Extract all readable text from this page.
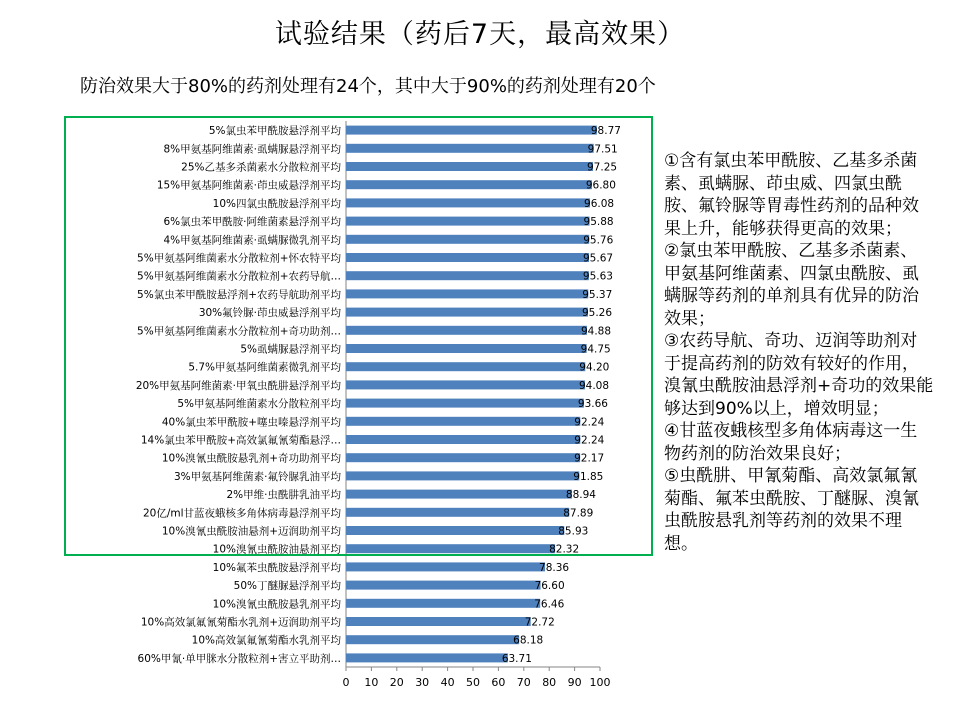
试验结果（药后7天，最高效果）
防治效果大于80%的药剂处理有24个，其中大于90%的药剂处理有20个
0 10 20 30 40 50 60 70 80 90 100
5%氯虫苯甲酰胺悬浮剂平均	98.77
8%甲氨基阿维菌素·虱螨脲悬浮剂平均	97.51
25%乙基多杀菌素水分散粒剂平均	97.25
15%甲氨基阿维菌素·茚虫威悬浮剂平均	96.80
10%四氯虫酰胺悬浮剂平均	96.08
6%氯虫苯甲酰胺·阿维菌素悬浮剂平均	95.88
4%甲氨基阿维菌素·虱螨脲微乳剂平均	95.76
5%甲氨基阿维菌素水分散粒剂+怀农特平均	95.67
5%甲氨基阿维菌素水分散粒剂+农药导航…	95.63
5%氯虫苯甲酰胺悬浮剂+农药导航助剂平均	95.37
30%氟铃脲·茚虫威悬浮剂平均	95.26
5%甲氨基阿维菌素水分散粒剂+奇功助剂…	94.88
5%虱螨脲悬浮剂平均	94.75
5.7%甲氨基阿维菌素微乳剂平均	94.20
20%甲氨基阿维菌素·甲氧虫酰肼悬浮剂平均	94.08
5%甲氨基阿维菌素水分散粒剂平均	93.66
40%氯虫苯甲酰胺+噻虫嗪悬浮剂平均	92.24
14%氯虫苯甲酰胺+高效氯氟氰菊酯悬浮…	92.24
10%溴氰虫酰胺悬乳剂+奇功助剂平均	92.17
3%甲氨基阿维菌素·氟铃脲乳油平均	91.85
2%甲维·虫酰肼乳油平均	88.94
20亿/ml甘蓝夜蛾核多角体病毒悬浮剂平均	87.89
10%溴氰虫酰胺油悬剂+迈润助剂平均	85.93
10%溴氰虫酰胺油悬剂平均	82.32
10%氟苯虫酰胺悬浮剂平均	78.36
50%丁醚脲悬浮剂平均	76.60
10%溴氰虫酰胺悬乳剂平均	76.46
10%高效氯氟氰菊酯水乳剂+迈润助剂平均	72.72
10%高效氯氟氰菊酯水乳剂平均	68.18
60%甲氰·单甲脒水分散粒剂+害立平助剂…	63.71

①含有氯虫苯甲酰胺、乙基多杀菌素、虱螨脲、茚虫威、四氯虫酰胺、氟铃脲等胃毒性药剂的品种效果上升，能够获得更高的效果；

②氯虫苯甲酰胺、乙基多杀菌素、甲氨基阿维菌素、四氯虫酰胺、虱螨脲等药剂的单剂具有优异的防治效果；

③农药导航、奇功、迈润等助剂对于提高药剂的防效有较好的作用，溴氰虫酰胺油悬浮剂+奇功的效果能够达到90%以上，增效明显；

④甘蓝夜蛾核型多角体病毒这一生物药剂的防治效果良好；

⑤虫酰肼、甲氰菊酯、高效氯氟氰菊酯、氟苯虫酰胺、丁醚脲、溴氰虫酰胺悬乳剂等药剂的效果不理想。
